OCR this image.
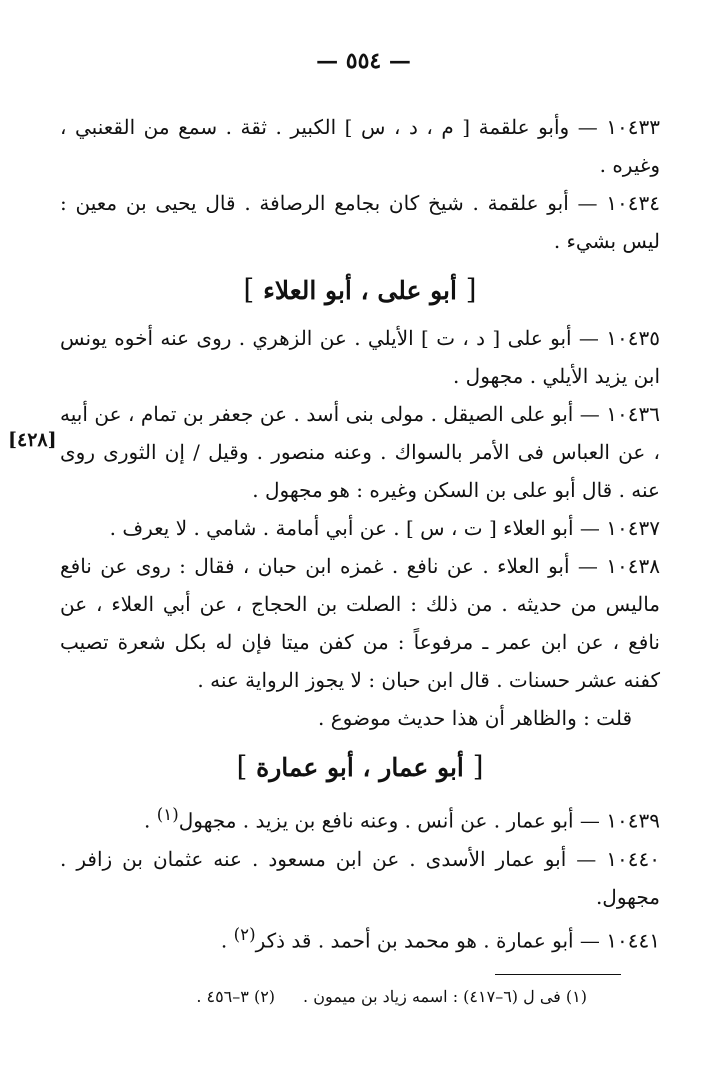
— ٥٥٤ —
[٤٢٨]

١٠٤٣٣ — وأبو علقمة [ م ، د ، س ] الكبير . ثقة . سمع من القعنبي ، وغيره .

١٠٤٣٤ — أبو علقمة . شيخ كان بجامع الرصافة . قال يحيى بن معين : ليس بشيء .

[ أبو على ، أبو العلاء ]

١٠٤٣٥ — أبو على [ د ، ت ] الأيلي . عن الزهري . روى عنه أخوه يونس ابن يزيد الأيلي . مجهول .

١٠٤٣٦ — أبو على الصيقل . مولى بنى أسد . عن جعفر بن تمام ، عن أبيه ، عن العباس فى الأمر بالسواك . وعنه منصور . وقيل / إن الثورى روى عنه . قال أبو على بن السكن وغيره : هو مجهول .

١٠٤٣٧ — أبو العلاء [ ت ، س ] . عن أبي أمامة . شامي . لا يعرف .

١٠٤٣٨ — أبو العلاء . عن نافع . غمزه ابن حبان ، فقال : روى عن نافع ماليس من حديثه . من ذلك : الصلت بن الحجاج ، عن أبي العلاء ، عن نافع ، عن ابن عمر ـ مرفوعاً : من كفن ميتا فإن له بكل شعرة تصيب كفنه عشر حسنات . قال ابن حبان : لا يجوز الرواية عنه .

قلت : والظاهر أن هذا حديث موضوع .

[ أبو عمار ، أبو عمارة ]

١٠٤٣٩ — أبو عمار . عن أنس . وعنه نافع بن يزيد . مجهول$^{(١)}$ .

١٠٤٤٠ — أبو عمار الأسدى . عن ابن مسعود . عنه عثمان بن زافر . مجهول.

١٠٤٤١ — أبو عمارة . هو محمد بن أحمد . قد ذكر$^{(٢)}$ .

(١) فى ل (٦–٤١٧) : اسمه زياد بن ميمون .(٢) ٣–٤٥٦ .
